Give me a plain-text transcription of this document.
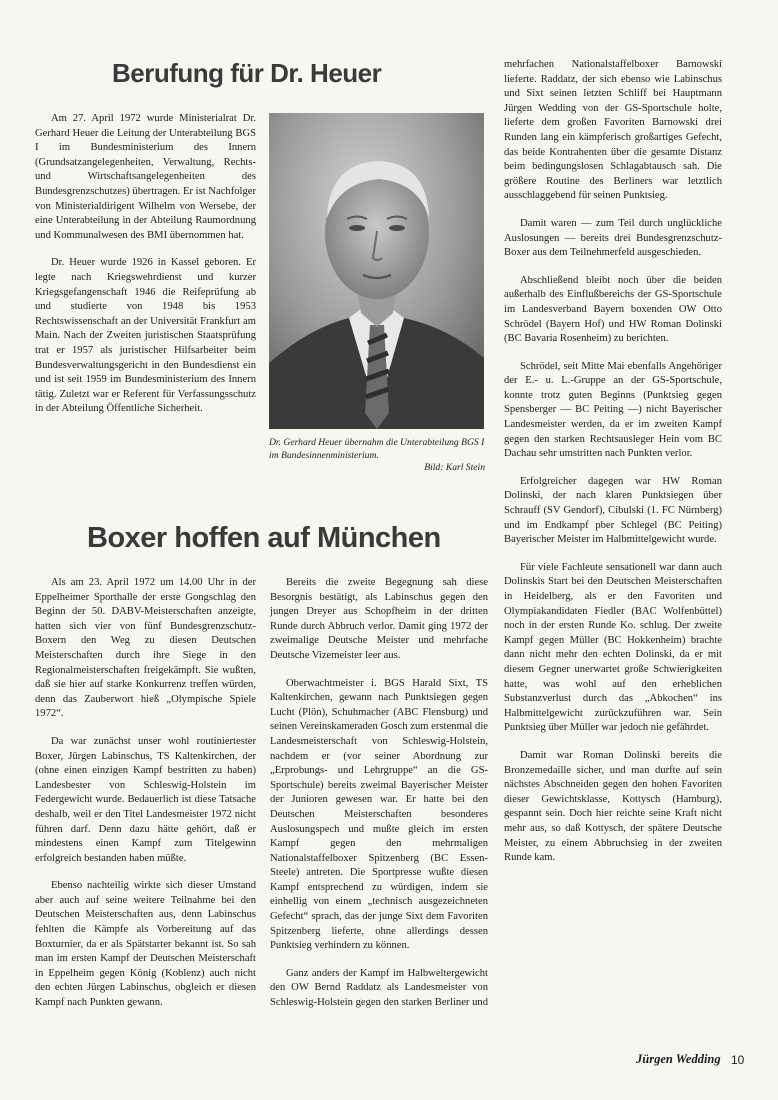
Berufung für Dr. Heuer

Am 27. April 1972 wurde Ministerialrat Dr. Gerhard Heuer die Leitung der Unterabteilung BGS I im Bundesministerium des Innern (Grundsatzangelegenheiten, Verwaltung, Rechts- und Wirtschaftsangelegenheiten des Bundesgrenzschutzes) übertragen. Er ist Nachfolger von Ministerialdirigent Wilhelm von Wersebe, der eine Unterabteilung in der Abteilung Raumordnung und Kommunalwesen des BMI übernommen hat.

Dr. Heuer wurde 1926 in Kassel geboren. Er legte nach Kriegswehrdienst und kurzer Kriegsgefangenschaft 1946 die Reifeprüfung ab und studierte von 1948 bis 1953 Rechtswissenschaft an der Universität Frankfurt am Main. Nach der Zweiten juristischen Staatsprüfung trat er 1957 als juristischer Hilfsarbeiter beim Bundesverwaltungsgericht in den Bundesdienst ein und ist seit 1959 im Bundesministerium des Innern tätig. Zuletzt war er Referent für Verfassungsschutz in der Abteilung Öffentliche Sicherheit.

Dr. Gerhard Heuer übernahm die Unterabteilung BGS I im Bundesinnenministerium.
Bild: Karl Stein
Boxer hoffen auf München

Als am 23. April 1972 um 14.00 Uhr in der Eppelheimer Sporthalle der erste Gongschlag den Beginn der 50. DABV-Meisterschaften anzeigte, hatten sich vier von fünf Bundesgrenzschutz-Boxern den Weg zu diesen Deutschen Meisterschaften durch ihre Siege in den Regionalmeisterschaften freigekämpft. Sie wußten, daß sie hier auf starke Konkurrenz treffen würden, denn das Zauberwort hieß „Olympische Spiele 1972“.

Da war zunächst unser wohl routiniertester Boxer, Jürgen Labinschus, TS Kaltenkirchen, der (ohne einen einzigen Kampf bestritten zu haben) Landesbester von Schleswig-Holstein im Federgewicht wurde. Bedauerlich ist diese Tatsache deshalb, weil er den Titel Landesmeister 1972 nicht führen darf. Denn dazu hätte gehört, daß er mindestens einen Kampf zum Titelgewinn erfolgreich bestanden haben müßte.

Ebenso nachteilig wirkte sich dieser Umstand aber auch auf seine weitere Teilnahme bei den Deutschen Meisterschaften aus, denn Labinschus fehlten die Kämpfe als Vorbereitung auf das Boxturnier, da er als Spätstarter bekannt ist. So sah man im ersten Kampf der Deutschen Meisterschaft in Eppelheim gegen König (Koblenz) auch nicht den echten Jürgen Labinschus, obgleich er diesen Kampf nach Punkten gewann.

Bereits die zweite Begegnung sah diese Besorgnis bestätigt, als Labinschus gegen den jungen Dreyer aus Schopfheim in der dritten Runde durch Abbruch verlor. Damit ging 1972 der zweimalige Deutsche Meister und mehrfache Deutsche Vizemeister leer aus.

Oberwachtmeister i. BGS Harald Sixt, TS Kaltenkirchen, gewann nach Punktsiegen gegen Lucht (Plön), Schuhmacher (ABC Flensburg) und seinen Vereinskameraden Gosch zum erstenmal die Landesmeisterschaft von Schleswig-Holstein, nachdem er (vor seiner Abordnung zur „Erprobungs- und Lehrgruppe“ an die GS-Sportschule) bereits zweimal Bayerischer Meister der Junioren gewesen war. Er hatte bei den Deutschen Meisterschaften besonderes Auslosungspech und mußte gleich im ersten Kampf gegen den mehrmaligen Nationalstaffelboxer Spitzenberg (BC Essen-Steele) antreten. Die Sportpresse wußte diesen Kampf entsprechend zu würdigen, indem sie einhellig von einem „technisch ausgezeichneten Gefecht“ sprach, das der junge Sixt dem Favoriten Spitzenberg lieferte, ohne allerdings dessen Punktsieg verhindern zu können.

Ganz anders der Kampf im Halbweltergewicht den OW Bernd Raddatz als Landesmeister von Schleswig-Holstein gegen den starken Berliner und

mehrfachen Nationalstaffelboxer Barnowski lieferte. Raddatz, der sich ebenso wie Labinschus und Sixt seinen letzten Schliff bei Hauptmann Jürgen Wedding von der GS-Sportschule holte, lieferte dem großen Favoriten Barnowski drei Runden lang ein kämpferisch großartiges Gefecht, das beide Kontrahenten über die gesamte Distanz beim bedingungslosen Schlagabtausch sah. Die größere Routine des Berliners war letztlich ausschlaggebend für seinen Punktsieg.

Damit waren — zum Teil durch unglückliche Auslosungen — bereits drei Bundesgrenzschutz-Boxer aus dem Teilnehmerfeld ausgeschieden.

Abschließend bleibt noch über die beiden außerhalb des Einflußbereichs der GS-Sportschule im Landesverband Bayern boxenden OW Otto Schrödel (Bayern Hof) und HW Roman Dolinski (BC Bavaria Rosenheim) zu berichten.

Schrödel, seit Mitte Mai ebenfalls Angehöriger der E.- u. L.-Gruppe an der GS-Sportschule, konnte trotz guten Beginns (Punktsieg gegen Spensberger — BC Peiting —) nicht Bayerischer Landesmeister werden, da er im zweiten Kampf gegen den starken Rechtsausleger Hein vom BC Dachau sehr umstritten nach Punkten verlor.

Erfolgreicher dagegen war HW Roman Dolinski, der nach klaren Punktsiegen über Schrauff (SV Gendorf), Cibulski (1. FC Nürnberg) und im Endkampf pber Schlegel (BC Peiting) Bayerischer Meister im Halbmittelgewicht wurde.

Für viele Fachleute sensationell war dann auch Dolinskis Start bei den Deutschen Meisterschaften in Heidelberg, als er den Favoriten und Olympiakandidaten Fiedler (BAC Wolfenbüttel) noch in der ersten Runde Ko. schlug. Der zweite Kampf gegen Müller (BC Hokkenheim) brachte dann nicht mehr den echten Dolinski, da er mit diesem Gegner unerwartet große Schwierigkeiten hatte, was wohl auf den erheblichen Substanzverlust durch das „Abkochen“ ins Halbmittelgewicht zurückzuführen war. Sein Punktsieg über Müller war jedoch nie gefährdet.

Damit war Roman Dolinski bereits die Bronzemedaille sicher, und man durfte auf sein nächstes Abschneiden gegen den hohen Favoriten dieser Gewichtsklasse, Kottysch (Hamburg), gespannt sein. Doch hier reichte seine Kraft nicht mehr aus, so daß Kottysch, der spätere Deutsche Meister, zu einem Abbruchsieg in der zweiten Runde kam.

Jürgen Wedding 10
